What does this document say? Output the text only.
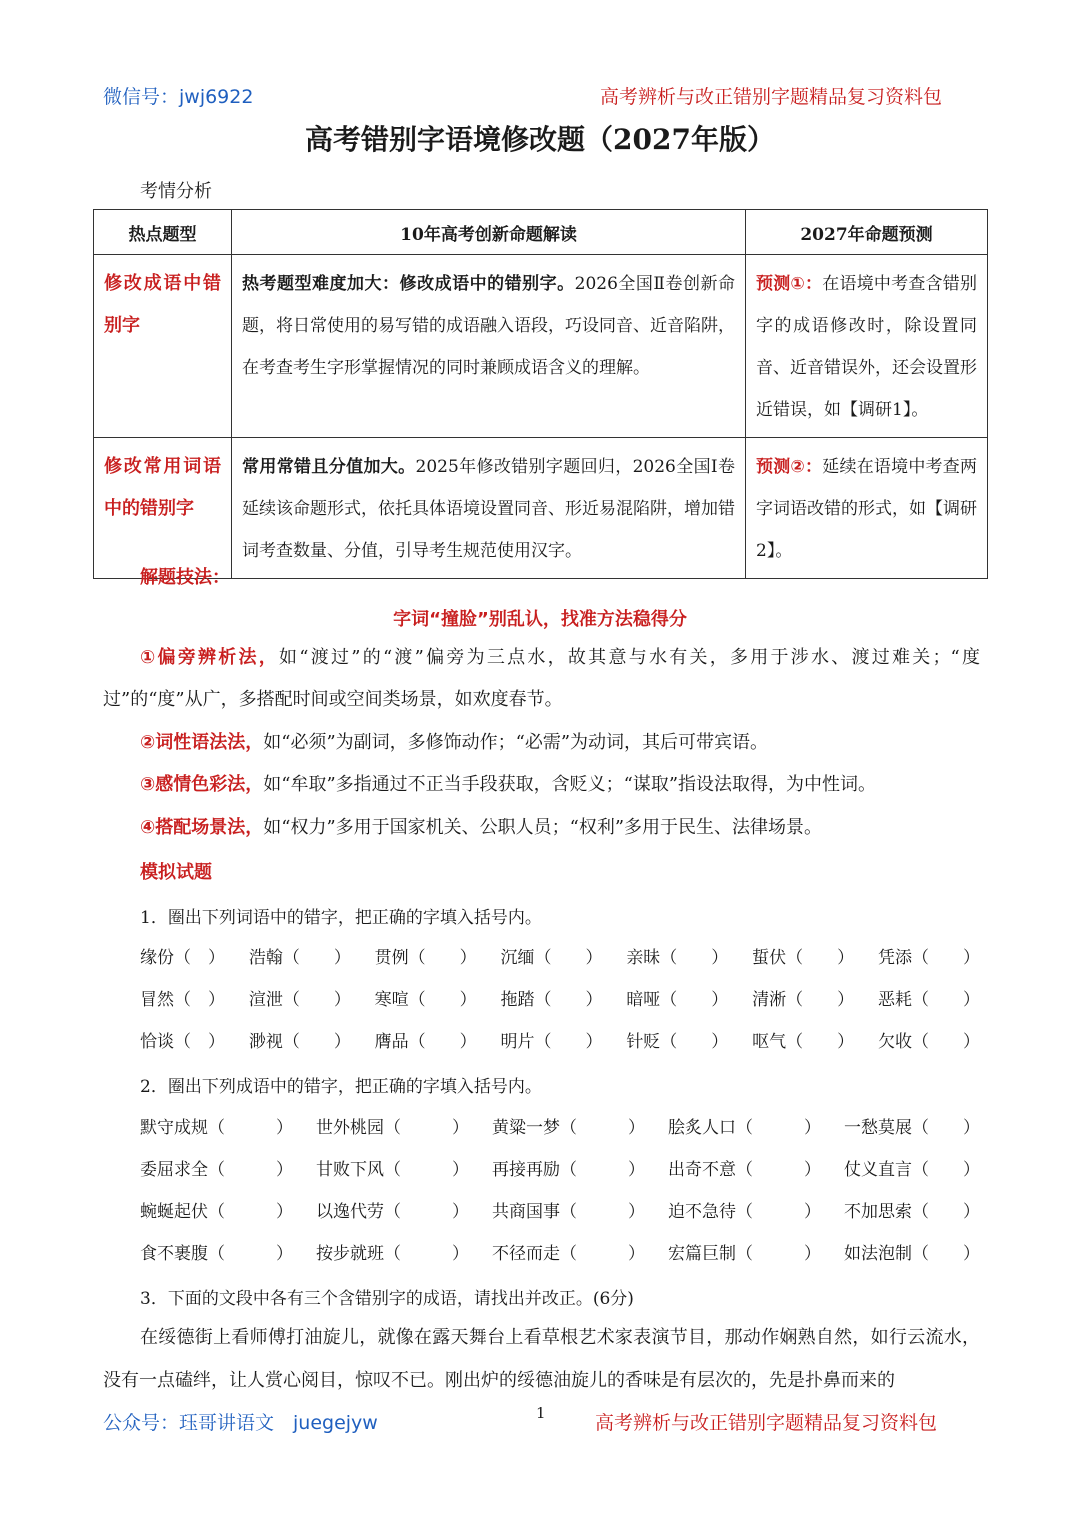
微信号：jwj6922	高考辨析与改正错别字题精品复习资料包
高考错别字语境修改题（2027年版）
考情分析
热点题型	10年高考创新命题解读	2027年命题预测
修改成语中错别字	热考题型难度加大：修改成语中的错别字。2026全国Ⅱ卷创新命题，将日常使用的易写错的成语融入语段，巧设同音、近音陷阱，在考查考生字形掌握情况的同时兼顾成语含义的理解。	预测①：在语境中考查含错别字的成语修改时，除设置同音、近音错误外，还会设置形近错误，如【调研1】。
修改常用词语中的错别字	常用常错且分值加大。2025年修改错别字题回归，2026全国I卷延续该命题形式，依托具体语境设置同音、形近易混陷阱，增加错词考查数量、分值，引导考生规范使用汉字。	预测②：延续在语境中考查两字词语改错的形式，如【调研2】。
解题技法：
字词“撞脸”别乱认，找准方法稳得分
①偏旁辨析法，如“渡过”的“渡”偏旁为三点水，故其意与水有关，多用于涉水、渡过难关；“度过”的“度”从广，多搭配时间或空间类场景，如欢度春节。
②词性语法法，如“必须”为副词，多修饰动作；“必需”为动词，其后可带宾语。
③感情色彩法，如“牟取”多指通过不正当手段获取，含贬义；“谋取”指设法取得，为中性词。
④搭配场景法，如“权力”多用于国家机关、公职人员；“权利”多用于民生、法律场景。
模拟试题
1．圈出下列词语中的错字，把正确的字填入括号内。
缘份（　） 浩翰（　　） 贯例（　　） 沉缅（　　） 亲昧（　　） 蜇伏（　　） 凭添（　　）
冒然（　） 渲泄（　　） 寒喧（　　） 拖踏（　　） 暗哑（　　） 清淅（　　） 恶耗（　　）
恰谈（　） 渺视（　　） 膺品（　　） 明片（　　） 针贬（　　） 呕气（　　） 欠收（　　）
2．圈出下列成语中的错字，把正确的字填入括号内。
默守成规（　　　） 世外桃园（　　　） 黄粱一梦（　　　） 脍炙人口（　　　） 一愁莫展（　　）
委屈求全（　　　） 甘败下风（　　　） 再接再励（　　　） 出奇不意（　　　） 仗义直言（　　）
蜿蜒起伏（　　　） 以逸代劳（　　　） 共商国事（　　　） 迫不急待（　　　） 不加思索（　　）
食不裹腹（　　　） 按步就班（　　　） 不径而走（　　　） 宏篇巨制（　　　） 如法泡制（　　）
3．下面的文段中各有三个含错别字的成语，请找出并改正。(6分)
在绥德街上看师傅打油旋儿，就像在露天舞台上看草根艺术家表演节目，那动作娴熟自然，如行云流水，没有一点磕绊，让人赏心阅目，惊叹不已。刚出炉的绥德油旋儿的香味是有层次的，先是扑鼻而来的
公众号：珏哥讲语文　juegejyw	1	高考辨析与改正错别字题精品复习资料包
